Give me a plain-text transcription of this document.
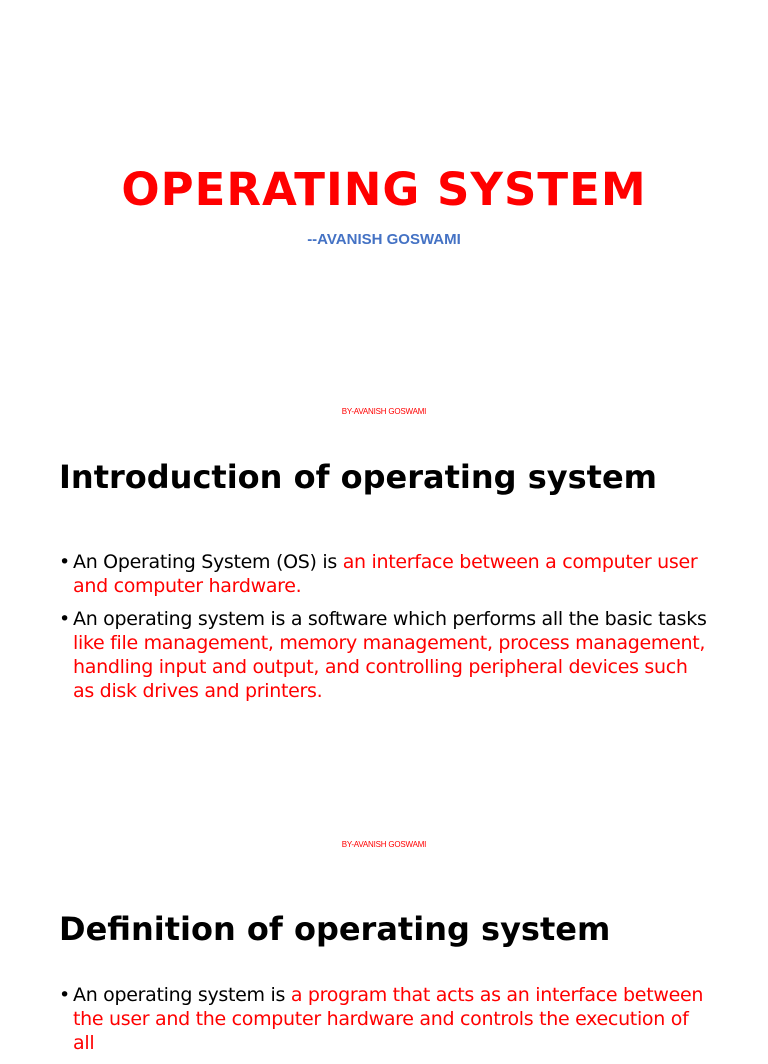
OPERATING SYSTEM

--AVANISH GOSWAMI

BY-AVANISH GOSWAMI

Introduction of operating system
• An Operating System (OS) is an interface between a computer user and computer hardware.
• An operating system is a software which performs all the basic tasks like file management, memory management, process management, handling input and output, and controlling peripheral devices such as disk drives and printers.

BY-AVANISH GOSWAMI

Definition of operating system
• An operating system is a program that acts as an interface between the user and the computer hardware and controls the execution of all
